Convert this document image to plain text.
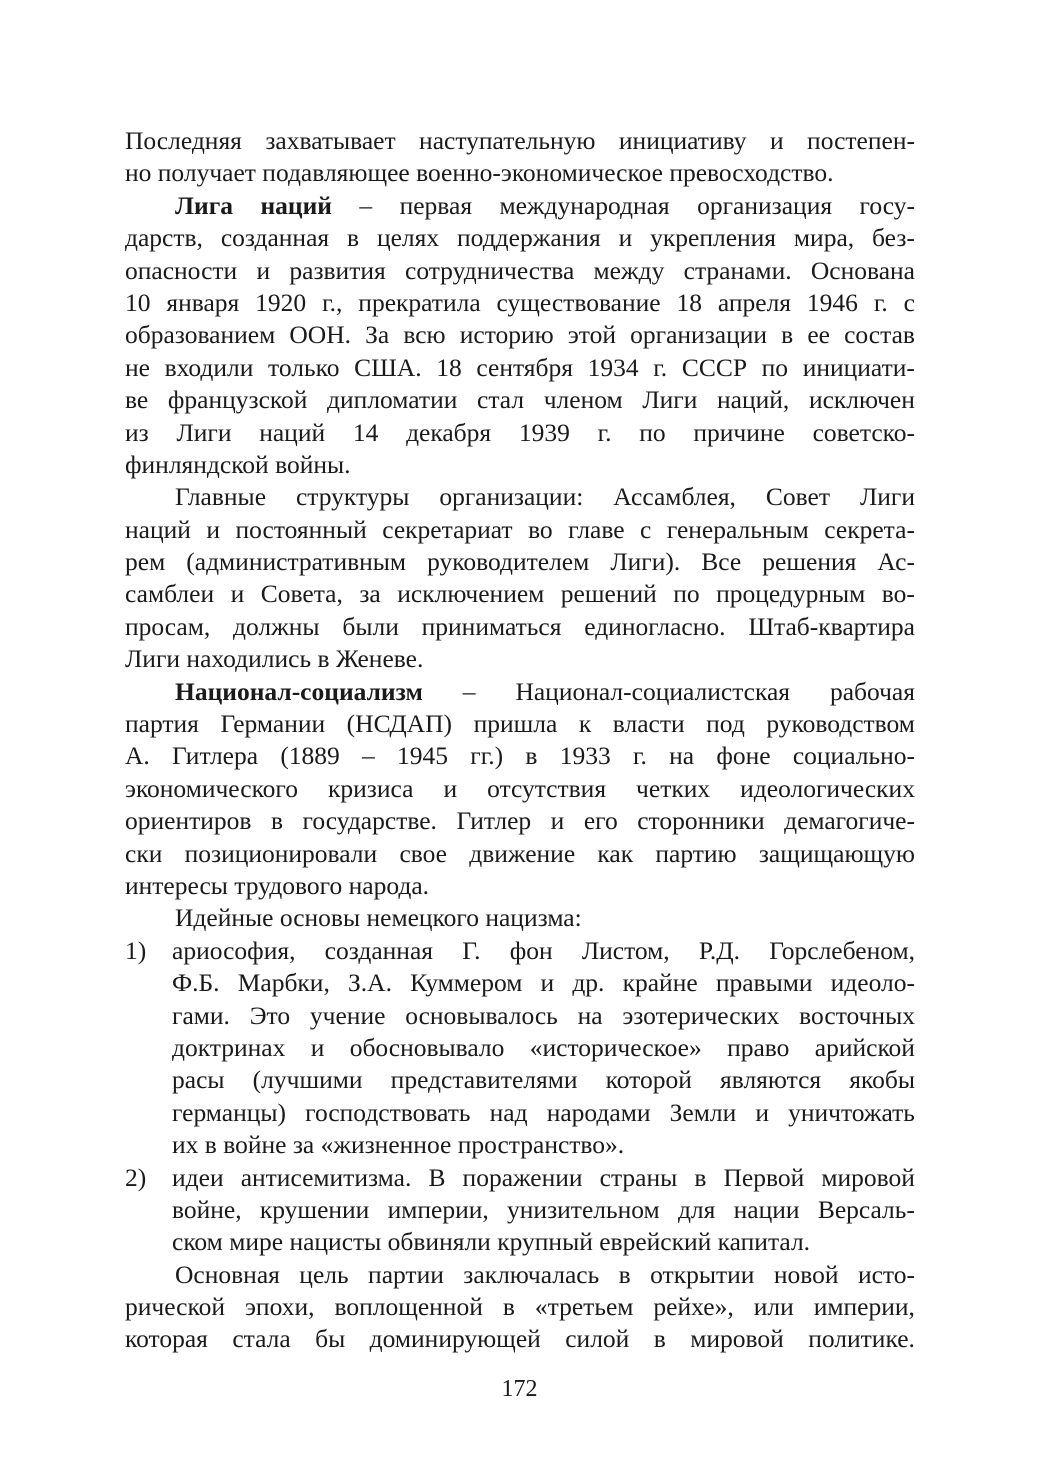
Последняя захватывает наступательную инициативу и постепен-
но получает подавляющее военно-экономическое превосходство.
Лига наций – первая международная организация госу-
дарств, созданная в целях поддержания и укрепления мира, без-
опасности и развития сотрудничества между странами. Основана
10 января 1920 г., прекратила существование 18 апреля 1946 г. с
образованием ООН. За всю историю этой организации в ее состав
не входили только США. 18 сентября 1934 г. СССР по инициати-
ве французской дипломатии стал членом Лиги наций, исключен
из Лиги наций 14 декабря 1939 г. по причине советско-
финляндской войны.
Главные структуры организации: Ассамблея, Совет Лиги
наций и постоянный секретариат во главе с генеральным секрета-
рем (административным руководителем Лиги). Все решения Ас-
самблеи и Совета, за исключением решений по процедурным во-
просам, должны были приниматься единогласно. Штаб-квартира
Лиги находились в Женеве.
Национал-социализм – Национал-социалистская рабочая
партия Германии (НСДАП) пришла к власти под руководством
А. Гитлера (1889 – 1945 гг.) в 1933 г. на фоне социально-
экономического кризиса и отсутствия четких идеологических
ориентиров в государстве. Гитлер и его сторонники демагогиче-
ски позиционировали свое движение как партию защищающую
интересы трудового народа.
Идейные основы немецкого нацизма:
1) ариософия, созданная Г. фон Листом, Р.Д. Горслебеном,
Ф.Б. Марбки, З.А. Куммером и др. крайне правыми идеоло-
гами. Это учение основывалось на эзотерических восточных
доктринах и обосновывало «историческое» право арийской
расы (лучшими представителями которой являются якобы
германцы) господствовать над народами Земли и уничтожать
их в войне за «жизненное пространство».
2) идеи антисемитизма. В поражении страны в Первой мировой
войне, крушении империи, унизительном для нации Версаль-
ском мире нацисты обвиняли крупный еврейский капитал.
Основная цель партии заключалась в открытии новой исто-
рической эпохи, воплощенной в «третьем рейхе», или империи,
которая стала бы доминирующей силой в мировой политике.
172
